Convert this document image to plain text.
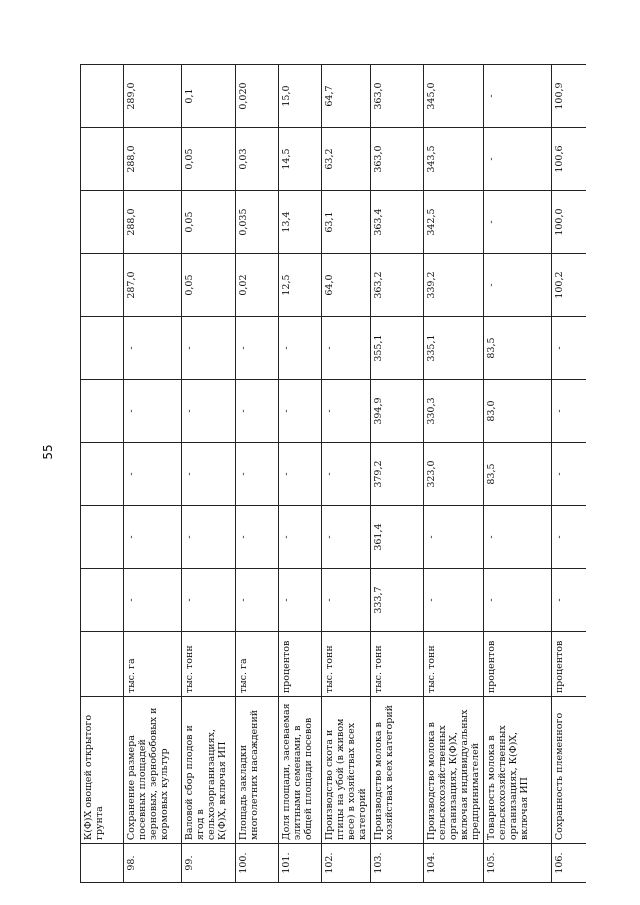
55
	К(Ф)Х овощей открытого грунта										
98.	Сохранение размера посевных площадей зерновых, зернобобовых и кормовых культур	тыс. га	-	-	-	-	-	287,0	288,0	288,0	289,0
99.	Валовой сбор плодов и ягод в сельхозорганизациях, К(Ф)Х, включая ИП	тыс. тонн	-	-	-	-	-	0,05	0,05	0,05	0,1
100.	Площадь закладки многолетних насаждений	тыс. га	-	-	-	-	-	0,02	0,035	0,03	0,020
101.	Доля площади, засеваемая элитными семенами, в общей площади посевов	процентов	-	-	-	-	-	12,5	13,4	14,5	15,0
102.	Производство скота и птицы на убой (в живом весе) в хозяйствах всех категорий	тыс. тонн	-	-	-	-	-	64,0	63,1	63,2	64,7
103.	Производство молока в хозяйствах всех категорий	тыс. тонн	333,7	361,4	379,2	394,9	355,1	363,2	363,4	363,0	363,0
104.	Производство молока в сельскохозяйственных организациях, К(Ф)Х, включая индивидуальных предпринимателей	тыс. тонн	-	-	323,0	330,3	335,1	339,2	342,5	343,5	345,0
105.	Товарность молока в сельскохозяйственных организациях, К(Ф)Х, включая ИП	процентов	-	-	83,5	83,0	83,5	-	-	-	-
106.	Сохранность племенного	процентов	-	-	-	-	-	100,2	100,0	100,6	100,9
